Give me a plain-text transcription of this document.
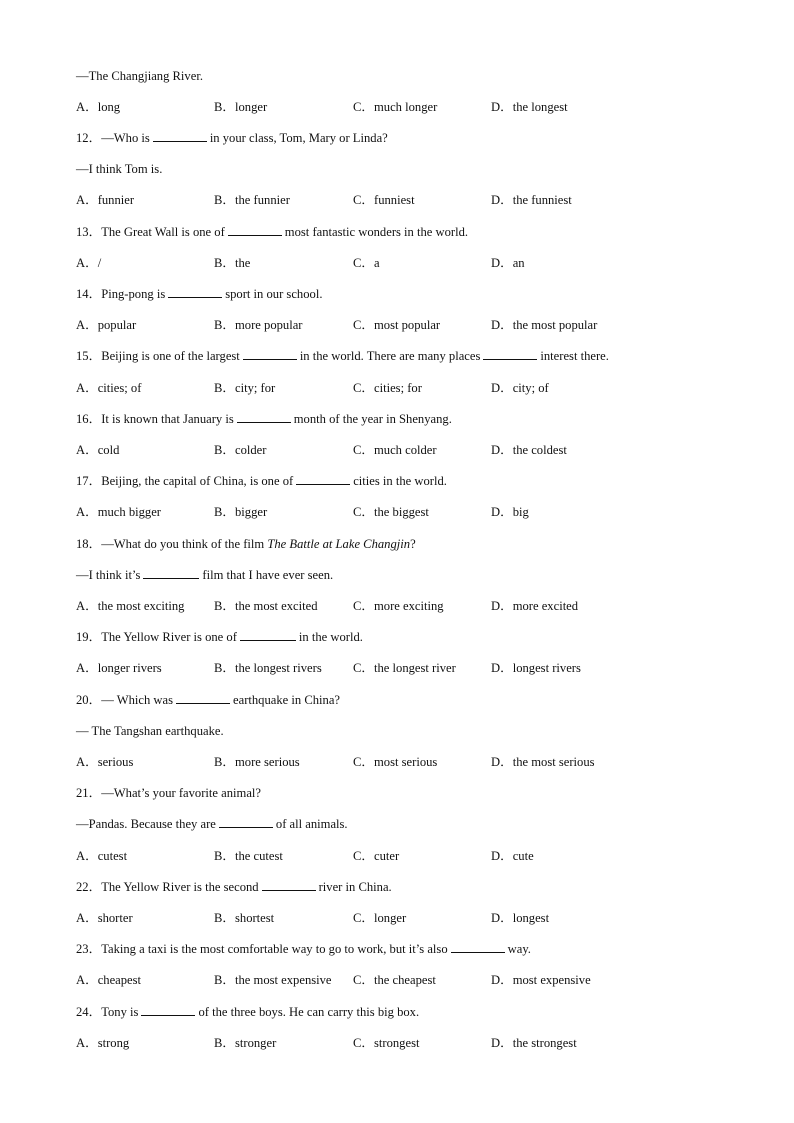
—The Changjiang River.
A．long	B．longer	C．much longer	D．the longest
12．—Who is	in your class, Tom, Mary or Linda?
—I think Tom is.
A．funnier	B．the funnier	C．funniest	D．the funniest
13．The Great Wall is one of	most fantastic wonders in the world.
A．/	B．the	C．a	D．an
14．Ping-pong is	sport in our school.
A．popular	B．more popular	C．most popular	D．the most popular
15．Beijing is one of the largest	in the world. There are many places	interest there.
A．cities; of	B．city; for	C．cities; for	D．city; of
16．It is known that January is	month of the year in Shenyang.
A．cold	B．colder	C．much colder	D．the coldest
17．Beijing, the capital of China, is one of	cities in the world.
A．much bigger	B．bigger	C．the biggest	D．big
18．—What do you think of the film The Battle at Lake Changjin?
—I think it’s	film that I have ever seen.
A．the most exciting B．the most excited	C．more exciting	D．more excited
19．The Yellow River is one of	in the world.
A．longer rivers	B．the longest rivers C．the longest river	D．longest rivers
20．— Which was	earthquake in China?
— The Tangshan earthquake.
A．serious	B．more serious	C．most serious	D．the most serious
21．—What’s your favorite animal?
—Pandas. Because they are	of all animals.
A．cutest	B．the cutest	C．cuter	D．cute
22．The Yellow River is the second	river in China.
A．shorter	B．shortest	C．longer	D．longest
23．Taking a taxi is the most comfortable way to go to work, but it’s also	way.
A．cheapest	B．the most expensive C．the cheapest	D．most expensive
24．Tony is	of the three boys. He can carry this big box.
A．strong	B．stronger	C．strongest	D．the strongest
